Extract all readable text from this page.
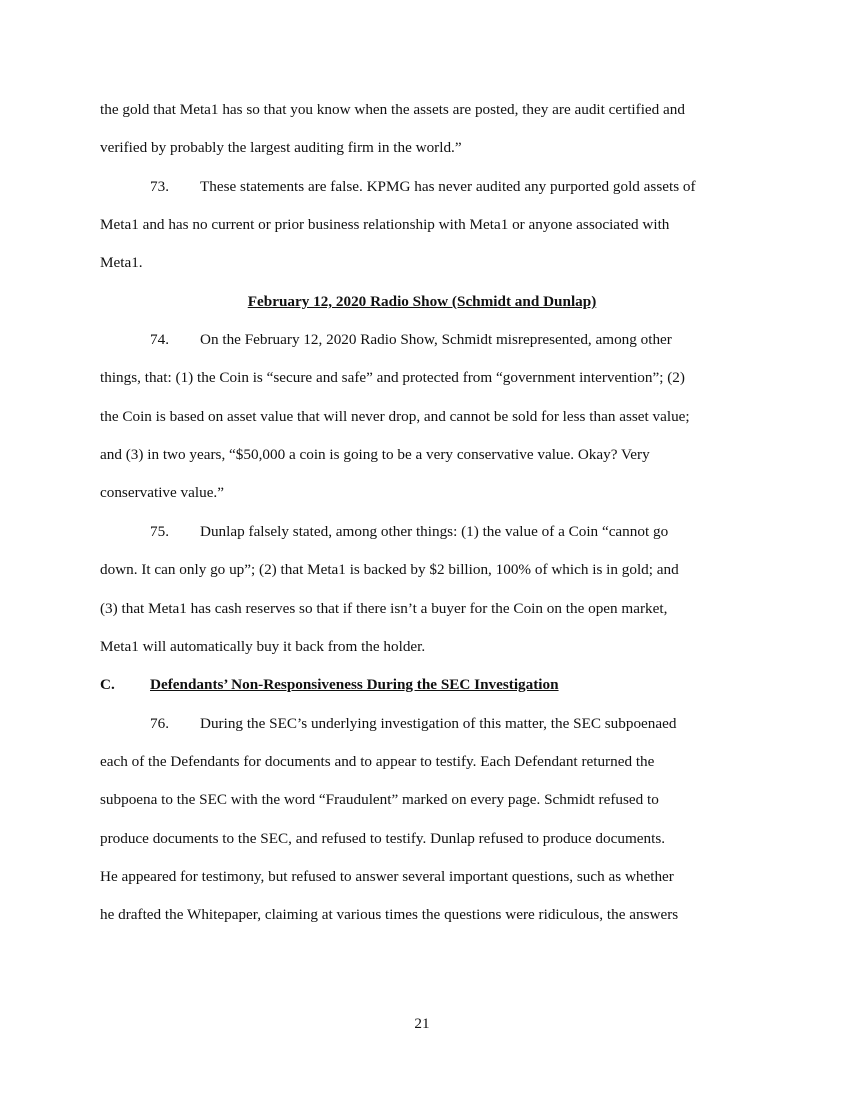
the gold that Meta1 has so that you know when the assets are posted, they are audit certified and
verified by probably the largest auditing firm in the world.”
73. These statements are false. KPMG has never audited any purported gold assets of
Meta1 and has no current or prior business relationship with Meta1 or anyone associated with
Meta1.
February 12, 2020 Radio Show (Schmidt and Dunlap)
74. On the February 12, 2020 Radio Show, Schmidt misrepresented, among other
things, that: (1) the Coin is “secure and safe” and protected from “government intervention”; (2)
the Coin is based on asset value that will never drop, and cannot be sold for less than asset value;
and (3) in two years, “$50,000 a coin is going to be a very conservative value. Okay? Very
conservative value.”
75. Dunlap falsely stated, among other things: (1) the value of a Coin “cannot go
down. It can only go up”; (2) that Meta1 is backed by $2 billion, 100% of which is in gold; and
(3) that Meta1 has cash reserves so that if there isn’t a buyer for the Coin on the open market,
Meta1 will automatically buy it back from the holder.
C. Defendants’ Non-Responsiveness During the SEC Investigation
76. During the SEC’s underlying investigation of this matter, the SEC subpoenaed
each of the Defendants for documents and to appear to testify. Each Defendant returned the
subpoena to the SEC with the word “Fraudulent” marked on every page. Schmidt refused to
produce documents to the SEC, and refused to testify. Dunlap refused to produce documents.
He appeared for testimony, but refused to answer several important questions, such as whether
he drafted the Whitepaper, claiming at various times the questions were ridiculous, the answers
21
